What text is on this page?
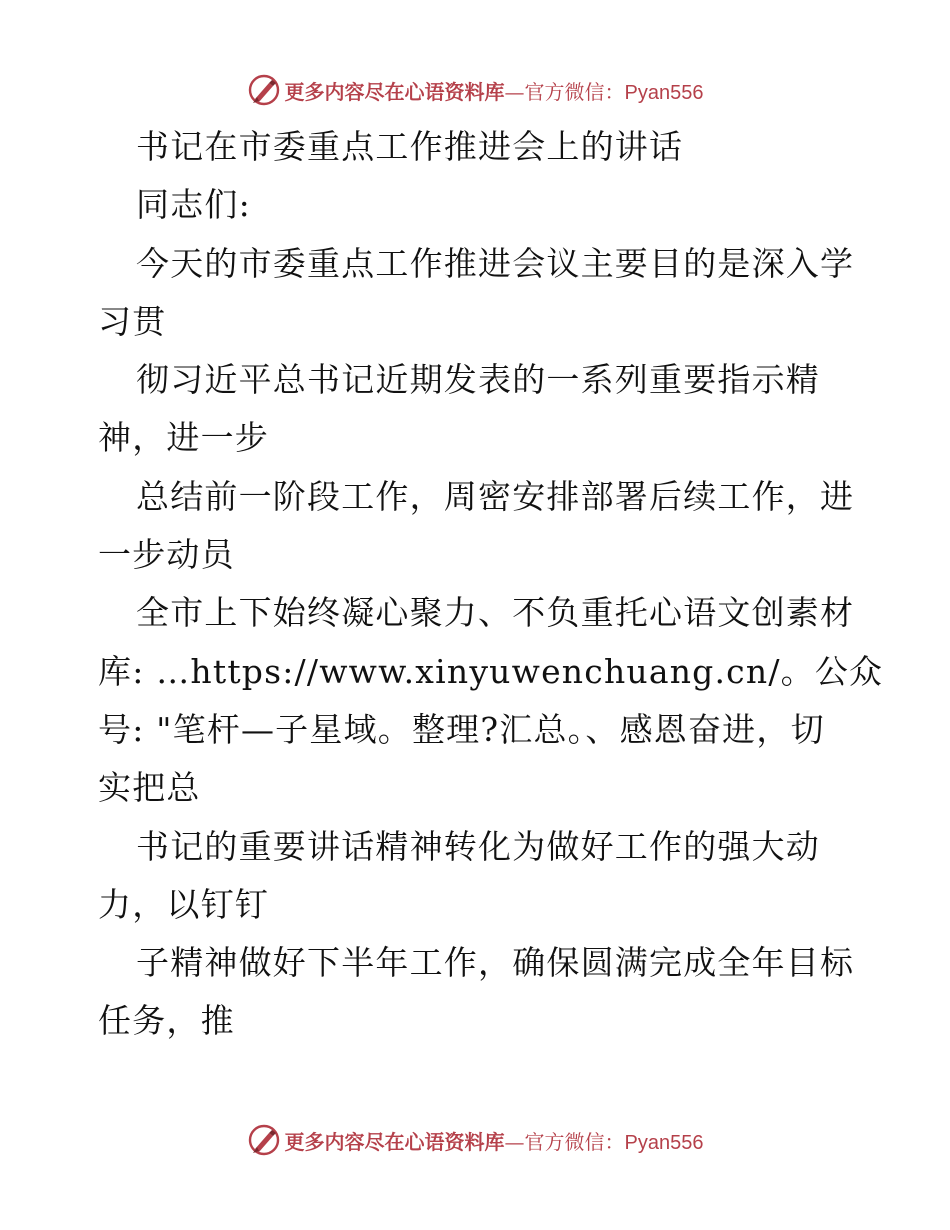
更多内容尽在心语资料库—官方微信：Pyan556

书记在市委重点工作推进会上的讲话

同志们:

今天的市委重点工作推进会议主要目的是深入学

习贯

彻习近平总书记近期发表的一系列重要指示精

神，进一步

总结前一阶段工作，周密安排部署后续工作，进

一步动员

全市上下始终凝心聚力、不负重托心语文创素材

库: …https://www.xinyuwenchuang.cn/。公众

号: "笔杆—子星域。整理?汇总。、感恩奋进，切

实把总

书记的重要讲话精神转化为做好工作的强大动

力，以钉钉

子精神做好下半年工作，确保圆满完成全年目标

任务，推

更多内容尽在心语资料库—官方微信：Pyan556
